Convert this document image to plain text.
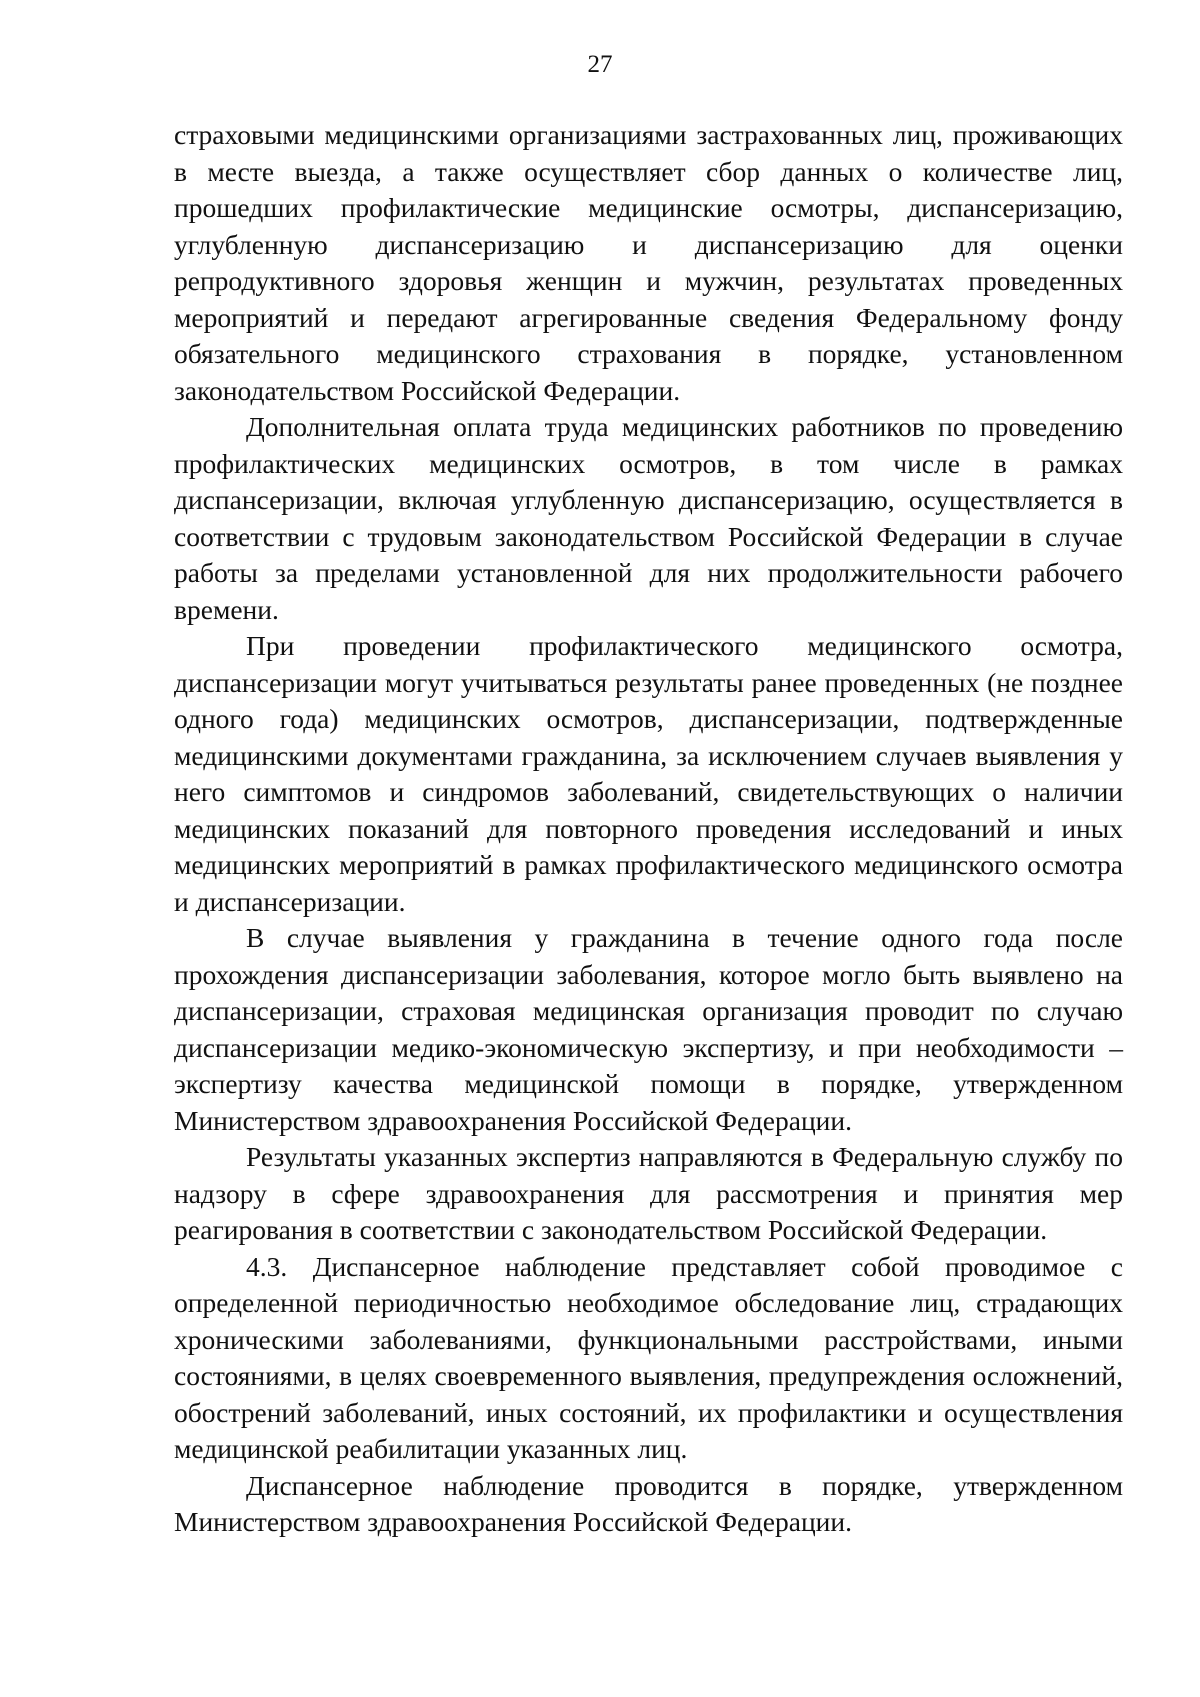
27

страховыми медицинскими организациями застрахованных лиц, проживающих в месте выезда, а также осуществляет сбор данных о количестве лиц, прошедших профилактические медицинские осмотры, диспансеризацию, углубленную диспансеризацию и диспансеризацию для оценки репродуктивного здоровья женщин и мужчин, результатах проведенных мероприятий и передают агрегированные сведения Федеральному фонду обязательного медицинского страхования в порядке, установленном законодательством Российской Федерации.

Дополнительная оплата труда медицинских работников по проведению профилактических медицинских осмотров, в том числе в рамках диспансеризации, включая углубленную диспансеризацию, осуществляется в соответствии с трудовым законодательством Российской Федерации в случае работы за пределами установленной для них продолжительности рабочего времени.

При проведении профилактического медицинского осмотра, диспансеризации могут учитываться результаты ранее проведенных (не позднее одного года) медицинских осмотров, диспансеризации, подтвержденные медицинскими документами гражданина, за исключением случаев выявления у него симптомов и синдромов заболеваний, свидетельствующих о наличии медицинских показаний для повторного проведения исследований и иных медицинских мероприятий в рамках профилактического медицинского осмотра и диспансеризации.

В случае выявления у гражданина в течение одного года после прохождения диспансеризации заболевания, которое могло быть выявлено на диспансеризации, страховая медицинская организация проводит по случаю диспансеризации медико-экономическую экспертизу, и при необходимости – экспертизу качества медицинской помощи в порядке, утвержденном Министерством здравоохранения Российской Федерации.

Результаты указанных экспертиз направляются в Федеральную службу по надзору в сфере здравоохранения для рассмотрения и принятия мер реагирования в соответствии с законодательством Российской Федерации.

4.3. Диспансерное наблюдение представляет собой проводимое с определенной периодичностью необходимое обследование лиц, страдающих хроническими заболеваниями, функциональными расстройствами, иными состояниями, в целях своевременного выявления, предупреждения осложнений, обострений заболеваний, иных состояний, их профилактики и осуществления медицинской реабилитации указанных лиц.

Диспансерное наблюдение проводится в порядке, утвержденном Министерством здравоохранения Российской Федерации.
